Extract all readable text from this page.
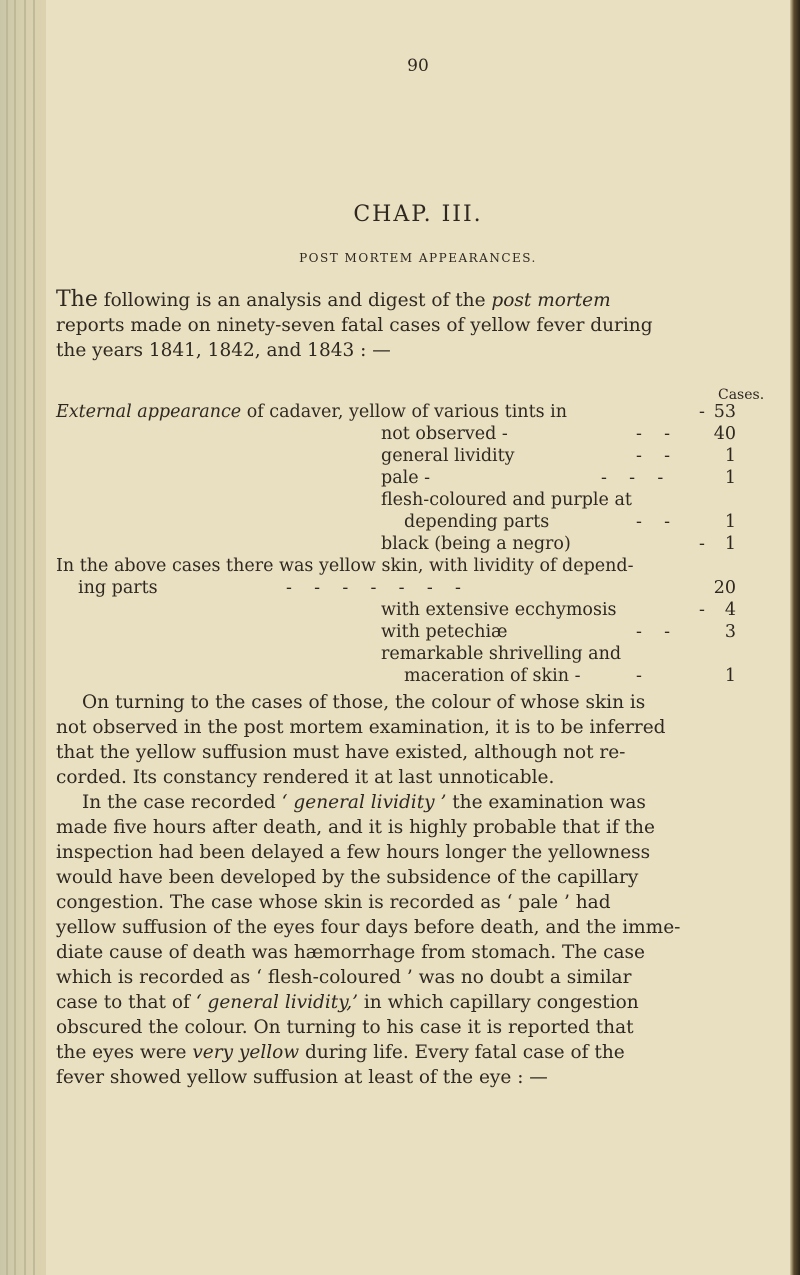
90
CHAP. III.
POST MORTEM APPEARANCES.
The following is an analysis and digest of the post mortem
reports made on ninety-seven fatal cases of yellow fever during
the years 1841, 1842, and 1843 : —
Cases.
External appearance of cadaver, yellow of various tints in	- 53
not observed -	-    -	40
general lividity	-    -	1
pale -	-    -    -	1
flesh-coloured and purple at
depending parts	-    -	1
black (being a negro)	-	1
In the above cases there was yellow skin, with lividity of depend-
ing parts	-    -    -    -    -    -    -	20
with extensive ecchymosis	-	4
with petechiæ	-    -	3
remarkable shrivelling and
maceration of skin -	-	1
On turning to the cases of those, the colour of whose skin is
not observed in the post mortem examination, it is to be inferred
that the yellow suffusion must have existed, although not re-
corded. Its constancy rendered it at last unnoticable.
In the case recorded ‘ general lividity ’ the examination was
made five hours after death, and it is highly probable that if the
inspection had been delayed a few hours longer the yellowness
would have been developed by the subsidence of the capillary
congestion. The case whose skin is recorded as ‘ pale ’ had
yellow suffusion of the eyes four days before death, and the imme-
diate cause of death was hæmorrhage from stomach. The case
which is recorded as ‘ flesh-coloured ’ was no doubt a similar
case to that of ‘ general lividity,’ in which capillary congestion
obscured the colour. On turning to his case it is reported that
the eyes were very yellow during life. Every fatal case of the
fever showed yellow suffusion at least of the eye : —
